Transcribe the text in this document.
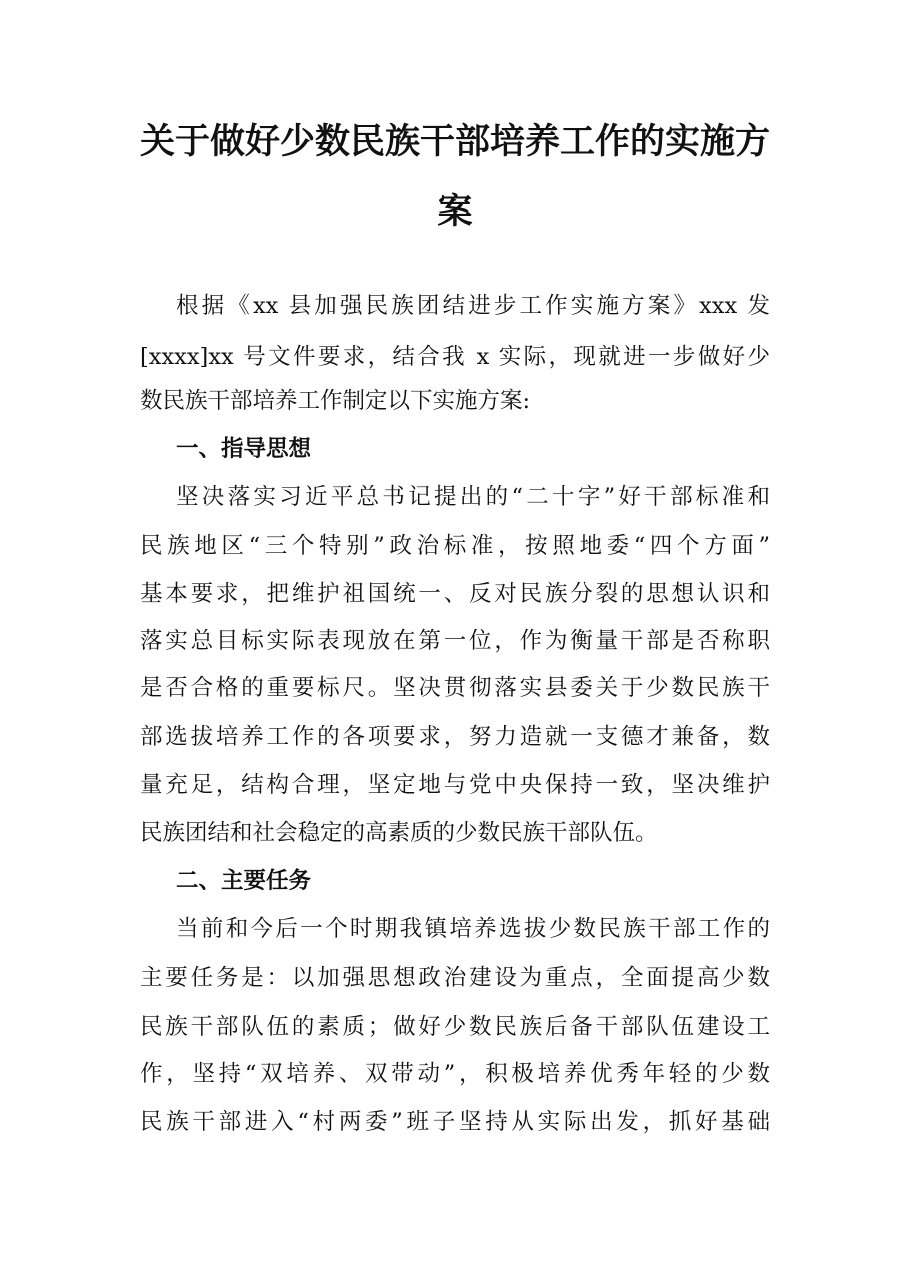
关于做好少数民族干部培养工作的实施方
案
根据《xx 县加强民族团结进步工作实施方案》xxx 发
[xxxx]xx 号文件要求，结合我 x 实际，现就进一步做好少
数民族干部培养工作制定以下实施方案:
一、指导思想
坚决落实习近平总书记提出的“二十字”好干部标准和
民族地区“三个特别”政治标准，按照地委“四个方面”
基本要求，把维护祖国统一、反对民族分裂的思想认识和
落实总目标实际表现放在第一位，作为衡量干部是否称职
是否合格的重要标尺。坚决贯彻落实县委关于少数民族干
部选拔培养工作的各项要求，努力造就一支德才兼备，数
量充足，结构合理，坚定地与党中央保持一致，坚决维护
民族团结和社会稳定的高素质的少数民族干部队伍。
二、主要任务
当前和今后一个时期我镇培养选拔少数民族干部工作的
主要任务是：以加强思想政治建设为重点，全面提高少数
民族干部队伍的素质；做好少数民族后备干部队伍建设工
作，坚持“双培养、双带动”，积极培养优秀年轻的少数
民族干部进入“村两委”班子坚持从实际出发，抓好基础
